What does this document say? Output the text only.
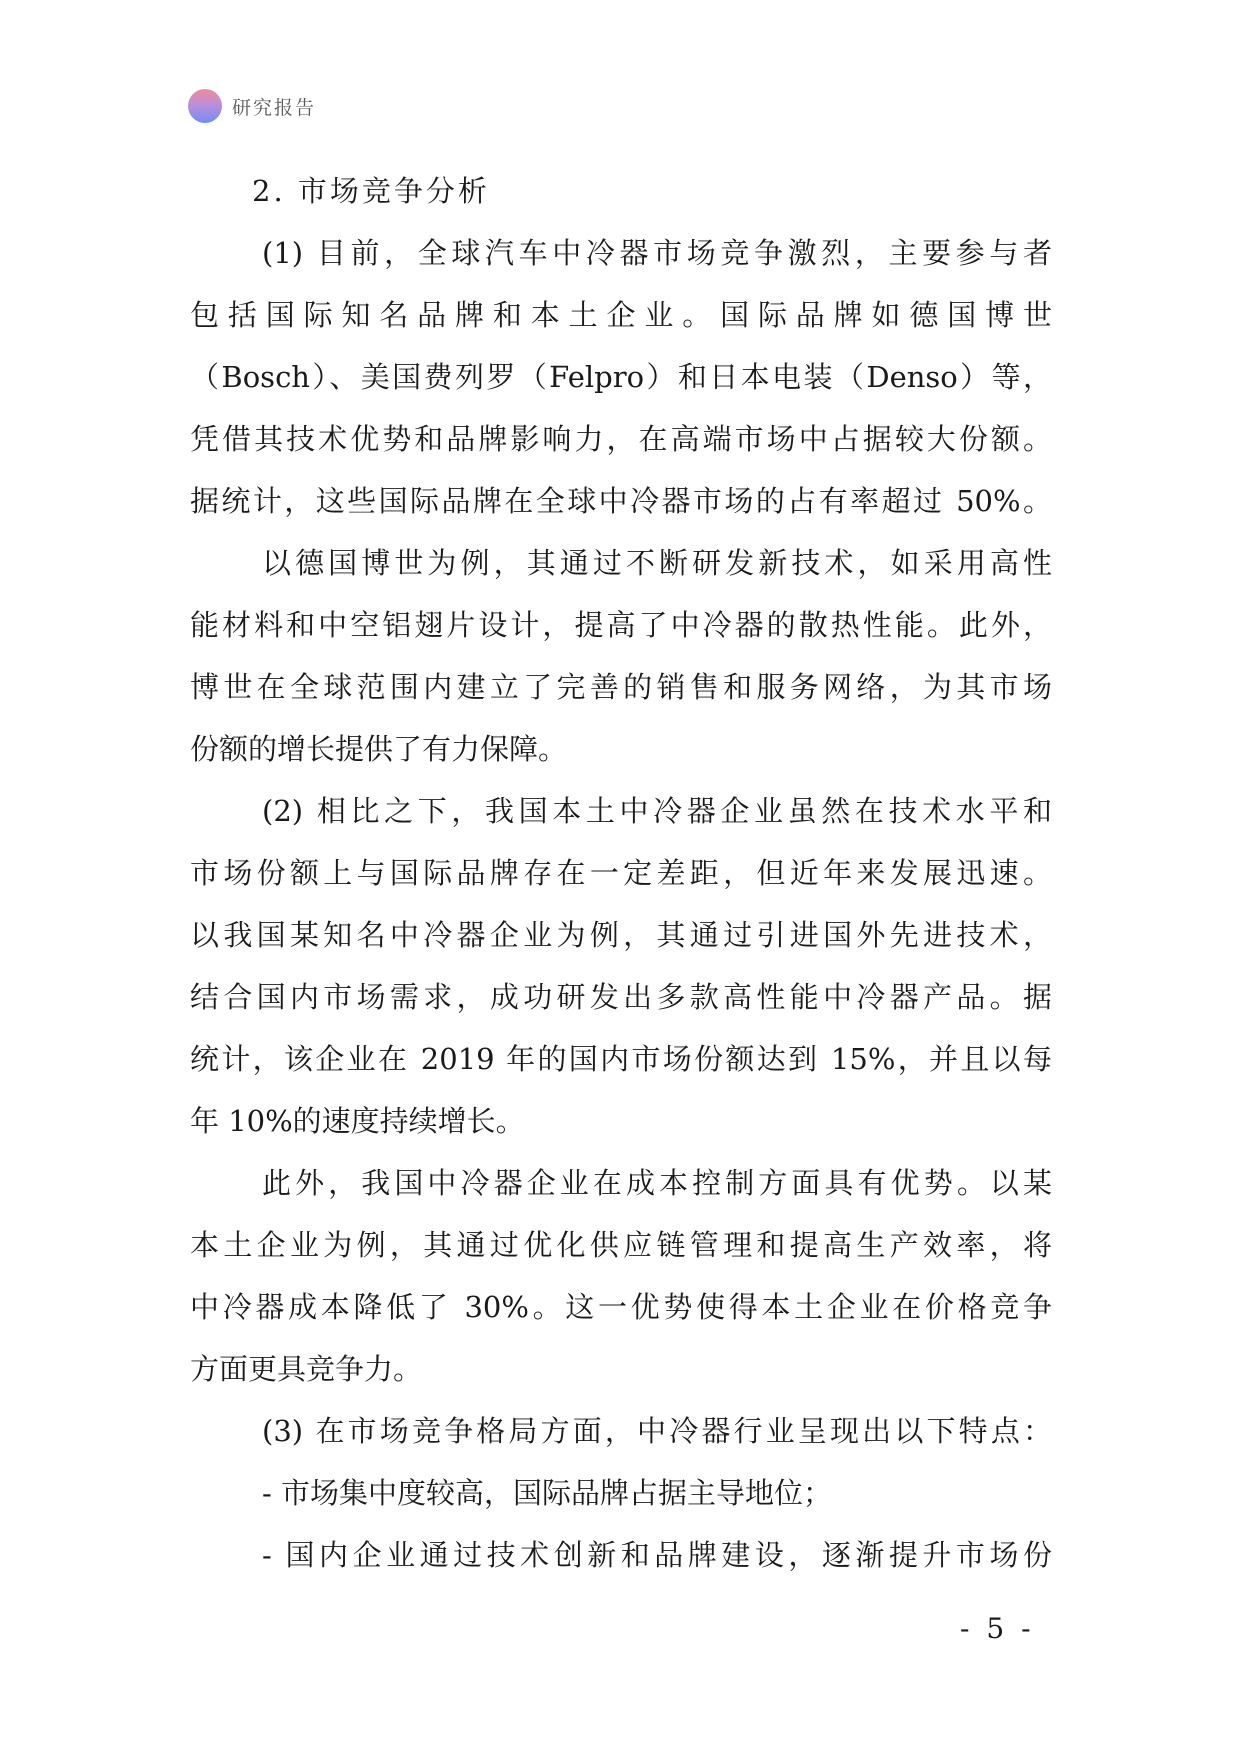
研究报告
2. 市场竞争分析
(1) 目前，全球汽车中冷器市场竞争激烈，主要参与者
包括国际知名品牌和本土企业。国际品牌如德国博世
（Bosch）、美国费列罗（Felpro）和日本电装（Denso）等，
凭借其技术优势和品牌影响力，在高端市场中占据较大份额。
据统计，这些国际品牌在全球中冷器市场的占有率超过 50%。
以德国博世为例，其通过不断研发新技术，如采用高性
能材料和中空铝翅片设计，提高了中冷器的散热性能。此外，
博世在全球范围内建立了完善的销售和服务网络，为其市场
份额的增长提供了有力保障。
(2) 相比之下，我国本土中冷器企业虽然在技术水平和
市场份额上与国际品牌存在一定差距，但近年来发展迅速。
以我国某知名中冷器企业为例，其通过引进国外先进技术，
结合国内市场需求，成功研发出多款高性能中冷器产品。据
统计，该企业在 2019 年的国内市场份额达到 15%，并且以每
年 10%的速度持续增长。
此外，我国中冷器企业在成本控制方面具有优势。以某
本土企业为例，其通过优化供应链管理和提高生产效率，将
中冷器成本降低了 30%。这一优势使得本土企业在价格竞争
方面更具竞争力。
(3) 在市场竞争格局方面，中冷器行业呈现出以下特点：
- 市场集中度较高，国际品牌占据主导地位；
- 国内企业通过技术创新和品牌建设，逐渐提升市场份
- 5 -
